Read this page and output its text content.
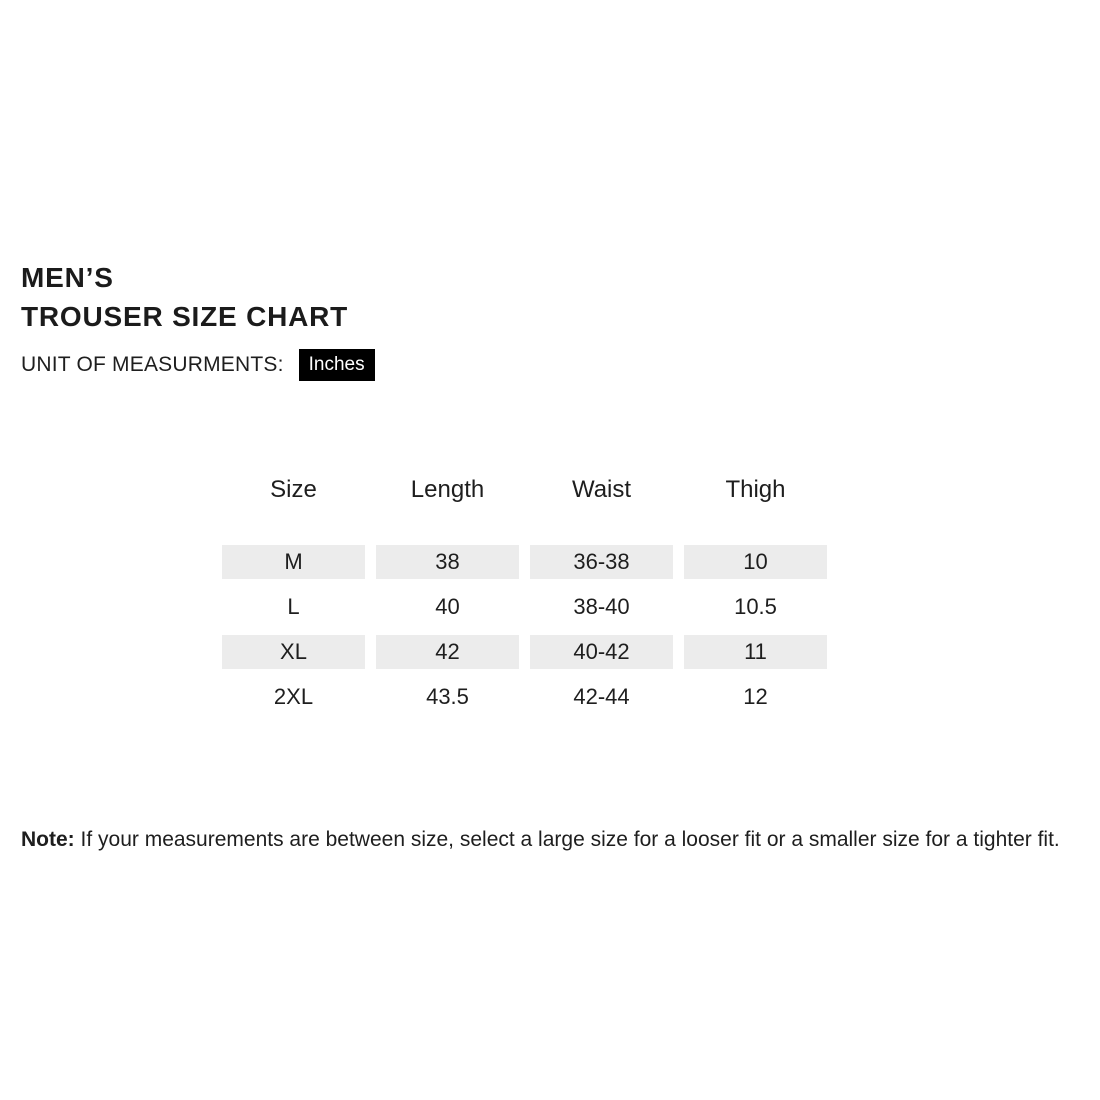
MEN’S
TROUSER SIZE CHART
UNIT OF MEASURMENTS:	Inches
Size	Length	Waist	Thigh
M	38	36-38	10
L	40	38-40	10.5
XL	42	40-42	11
2XL	43.5	42-44	12
Note: If your measurements are between size, select a large size for a looser fit or a smaller size for a tighter fit.
